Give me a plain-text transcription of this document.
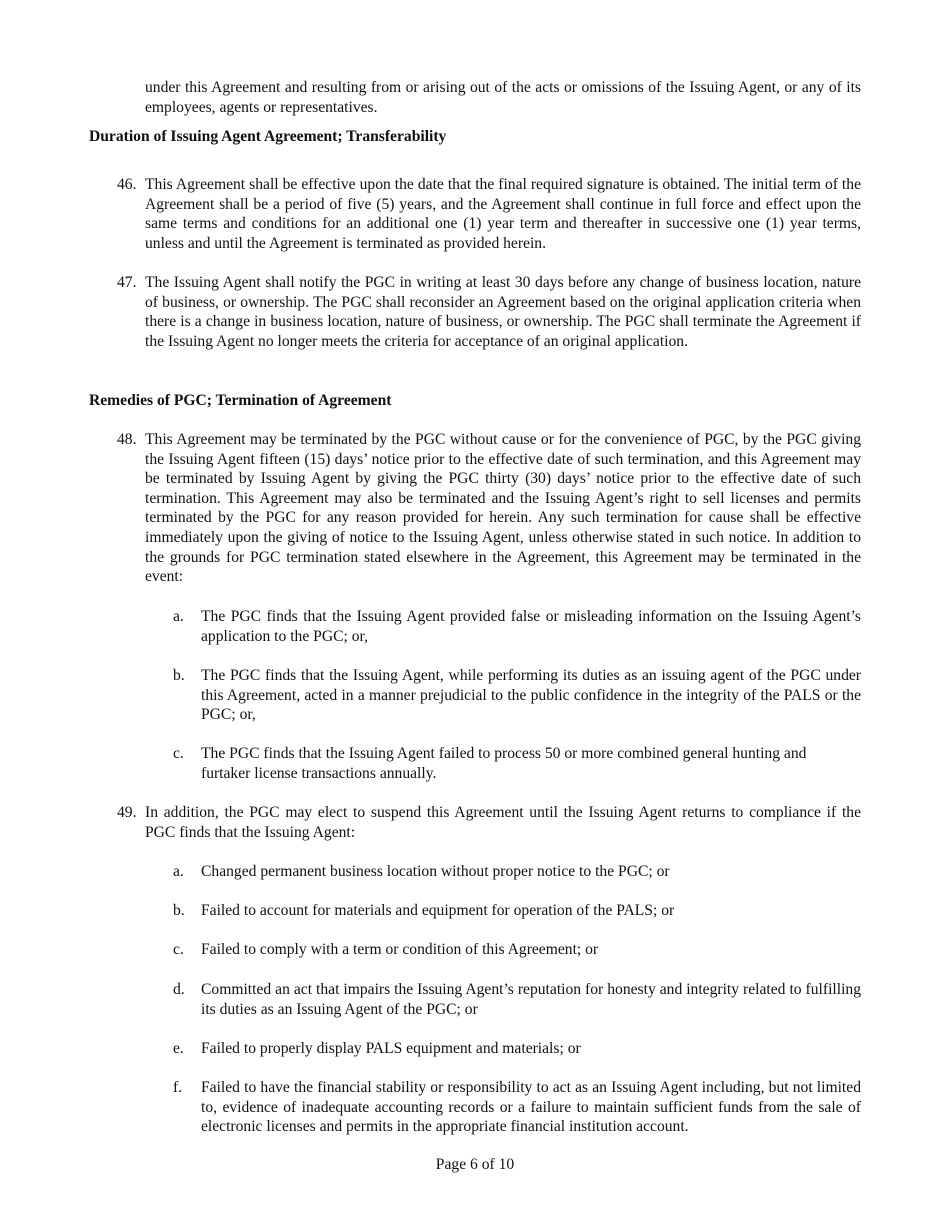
under this Agreement and resulting from or arising out of the acts or omissions of the Issuing Agent, or any of its employees, agents or representatives.
Duration of Issuing Agent Agreement; Transferability
46. This Agreement shall be effective upon the date that the final required signature is obtained. The initial term of the Agreement shall be a period of five (5) years, and the Agreement shall continue in full force and effect upon the same terms and conditions for an additional one (1) year term and thereafter in successive one (1) year terms, unless and until the Agreement is terminated as provided herein.
47. The Issuing Agent shall notify the PGC in writing at least 30 days before any change of business location, nature of business, or ownership. The PGC shall reconsider an Agreement based on the original application criteria when there is a change in business location, nature of business, or ownership. The PGC shall terminate the Agreement if the Issuing Agent no longer meets the criteria for acceptance of an original application.
Remedies of PGC; Termination of Agreement
48. This Agreement may be terminated by the PGC without cause or for the convenience of PGC, by the PGC giving the Issuing Agent fifteen (15) days’ notice prior to the effective date of such termination, and this Agreement may be terminated by Issuing Agent by giving the PGC thirty (30) days’ notice prior to the effective date of such termination. This Agreement may also be terminated and the Issuing Agent’s right to sell licenses and permits terminated by the PGC for any reason provided for herein. Any such termination for cause shall be effective immediately upon the giving of notice to the Issuing Agent, unless otherwise stated in such notice. In addition to the grounds for PGC termination stated elsewhere in the Agreement, this Agreement may be terminated in the event:
a. The PGC finds that the Issuing Agent provided false or misleading information on the Issuing Agent’s application to the PGC; or,
b. The PGC finds that the Issuing Agent, while performing its duties as an issuing agent of the PGC under this Agreement, acted in a manner prejudicial to the public confidence in the integrity of the PALS or the PGC; or,
c. The PGC finds that the Issuing Agent failed to process 50 or more combined general hunting and furtaker license transactions annually.
49. In addition, the PGC may elect to suspend this Agreement until the Issuing Agent returns to compliance if the PGC finds that the Issuing Agent:
a. Changed permanent business location without proper notice to the PGC; or
b. Failed to account for materials and equipment for operation of the PALS; or
c. Failed to comply with a term or condition of this Agreement; or
d. Committed an act that impairs the Issuing Agent’s reputation for honesty and integrity related to fulfilling its duties as an Issuing Agent of the PGC; or
e. Failed to properly display PALS equipment and materials; or
f. Failed to have the financial stability or responsibility to act as an Issuing Agent including, but not limited to, evidence of inadequate accounting records or a failure to maintain sufficient funds from the sale of electronic licenses and permits in the appropriate financial institution account.
Page 6 of 10
